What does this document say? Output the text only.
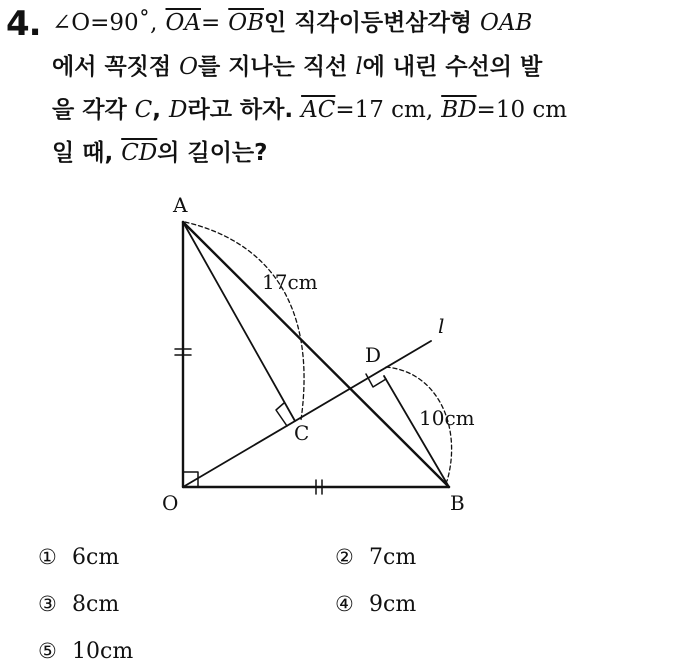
4. ∠O=90˚, $\overline{OA}= \overline{OB}$인 직각이등변삼각형 OAB
에서 꼭짓점 O를 지나는 직선 l에 내린 수선의 발
을 각각 C, D라고 하자. $\overline{AC}=17$ cm, $\overline{BD}=10$ cm
일 때, $\overline{CD}$의 길이는?
A
O	B
C
D
l
17cm
10cm
① 6cm	② 7cm
③ 8cm	④ 9cm
⑤ 10cm
